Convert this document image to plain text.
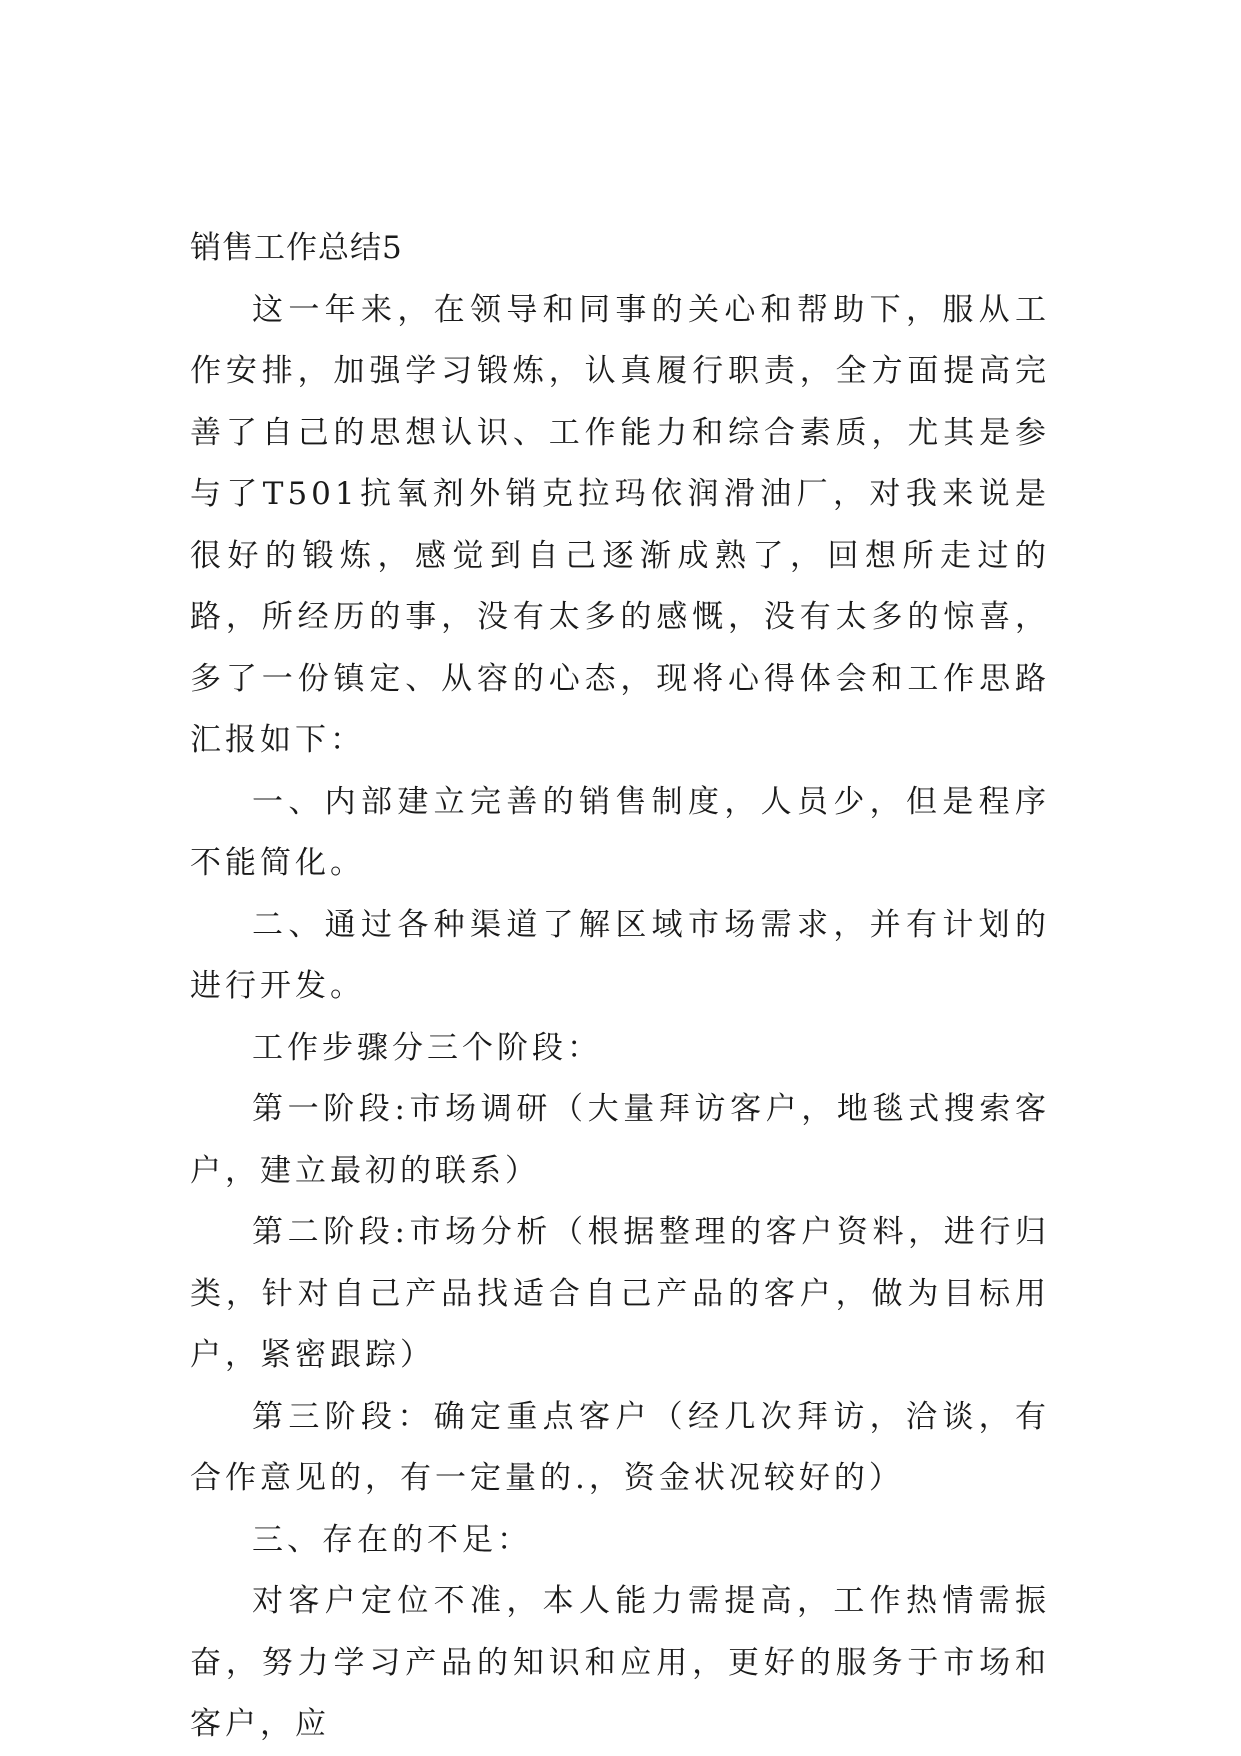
销售工作总结5

这一年来，在领导和同事的关心和帮助下，服从工作安排，加强学习锻炼，认真履行职责，全方面提高完善了自己的思想认识、工作能力和综合素质，尤其是参与了T501抗氧剂外销克拉玛依润滑油厂，对我来说是很好的锻炼，感觉到自己逐渐成熟了，回想所走过的路，所经历的事，没有太多的感慨，没有太多的惊喜，多了一份镇定、从容的心态，现将心得体会和工作思路汇报如下：

一、内部建立完善的销售制度，人员少，但是程序不能简化。

二、通过各种渠道了解区域市场需求，并有计划的进行开发。

工作步骤分三个阶段：

第一阶段:市场调研（大量拜访客户，地毯式搜索客户，建立最初的联系）

第二阶段:市场分析（根据整理的客户资料，进行归类，针对自己产品找适合自己产品的客户，做为目标用户，紧密跟踪）

第三阶段：确定重点客户（经几次拜访，洽谈，有合作意见的，有一定量的.，资金状况较好的）

三、存在的不足：

对客户定位不准，本人能力需提高，工作热情需振奋，努力学习产品的知识和应用，更好的服务于市场和客户，应
